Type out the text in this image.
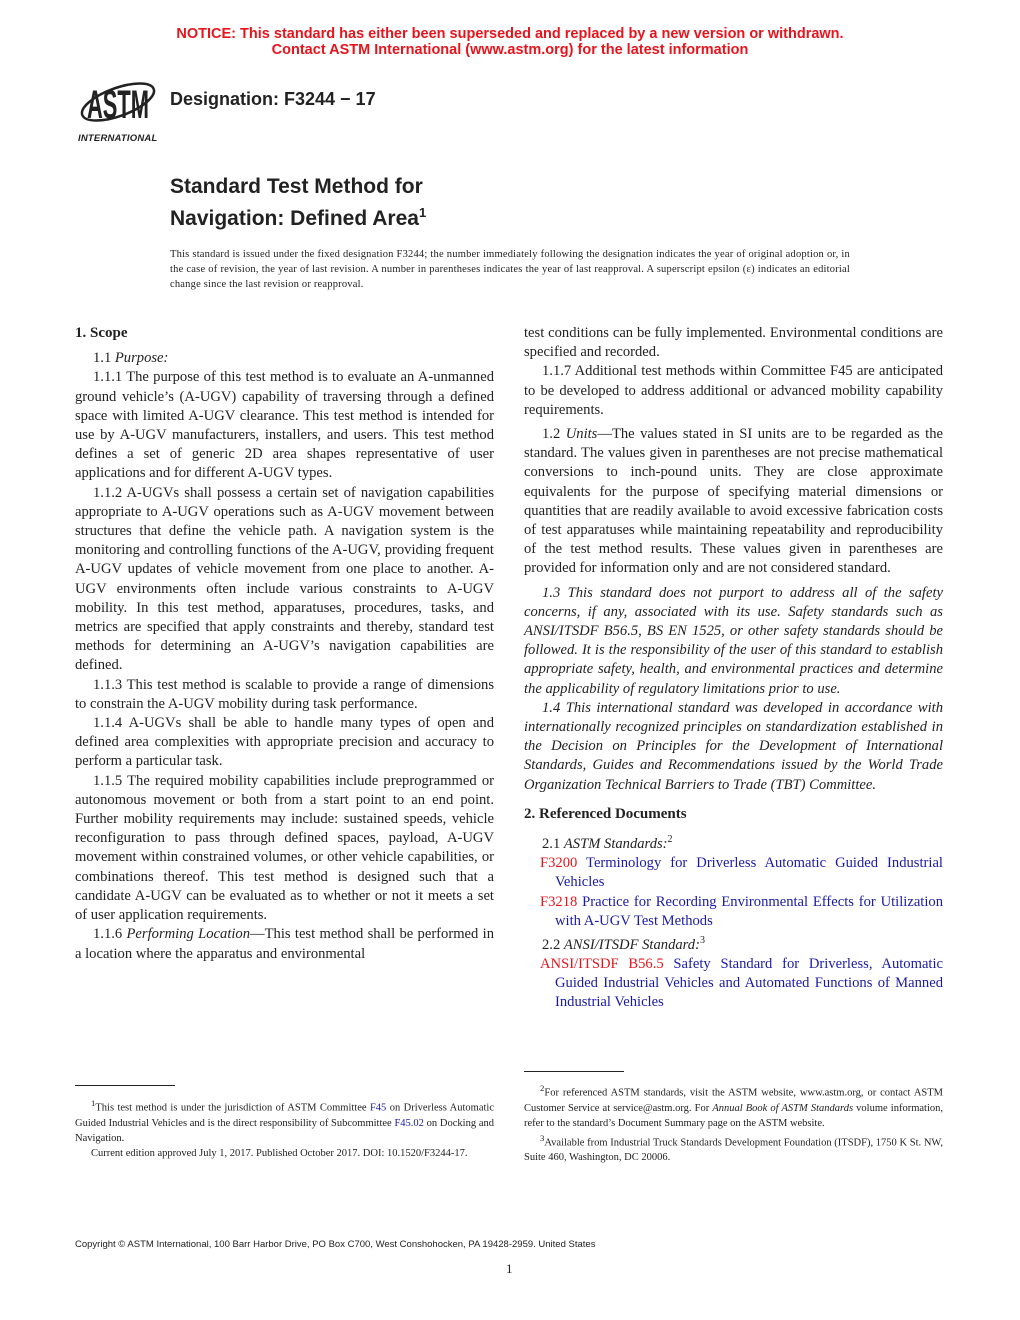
NOTICE: This standard has either been superseded and replaced by a new version or withdrawn.
Contact ASTM International (www.astm.org) for the latest information
ASTM
INTERNATIONAL
Designation: F3244 − 17
Standard Test Method for
Navigation: Defined Area$^1$
This standard is issued under the fixed designation F3244; the number immediately following the designation indicates the year of original adoption or, in the case of revision, the year of last revision. A number in parentheses indicates the year of last reapproval. A superscript epsilon (ε) indicates an editorial change since the last revision or reapproval.
1. Scope

1.1 Purpose:

1.1.1 The purpose of this test method is to evaluate an A-unmanned ground vehicle’s (A-UGV) capability of traversing through a defined space with limited A-UGV clearance. This test method is intended for use by A-UGV manufacturers, installers, and users. This test method defines a set of generic 2D area shapes representative of user applications and for different A-UGV types.

1.1.2 A-UGVs shall possess a certain set of navigation capabilities appropriate to A-UGV operations such as A-UGV movement between structures that define the vehicle path. A navigation system is the monitoring and controlling functions of the A-UGV, providing frequent A-UGV updates of vehicle movement from one place to another. A-UGV environments often include various constraints to A-UGV mobility. In this test method, apparatuses, procedures, tasks, and metrics are specified that apply constraints and thereby, standard test methods for determining an A-UGV’s navigation capabilities are defined.

1.1.3 This test method is scalable to provide a range of dimensions to constrain the A-UGV mobility during task performance.

1.1.4 A-UGVs shall be able to handle many types of open and defined area complexities with appropriate precision and accuracy to perform a particular task.

1.1.5 The required mobility capabilities include preprogrammed or autonomous movement or both from a start point to an end point. Further mobility requirements may include: sustained speeds, vehicle reconfiguration to pass through defined spaces, payload, A-UGV movement within constrained volumes, or other vehicle capabilities, or combinations thereof. This test method is designed such that a candidate A-UGV can be evaluated as to whether or not it meets a set of user application requirements.

1.1.6 Performing Location—This test method shall be performed in a location where the apparatus and environmental

test conditions can be fully implemented. Environmental conditions are specified and recorded.

1.1.7 Additional test methods within Committee F45 are anticipated to be developed to address additional or advanced mobility capability requirements.

1.2 Units—The values stated in SI units are to be regarded as the standard. The values given in parentheses are not precise mathematical conversions to inch-pound units. They are close approximate equivalents for the purpose of specifying material dimensions or quantities that are readily available to avoid excessive fabrication costs of test apparatuses while maintaining repeatability and reproducibility of the test method results. These values given in parentheses are provided for information only and are not considered standard.

1.3 This standard does not purport to address all of the safety concerns, if any, associated with its use. Safety standards such as ANSI/ITSDF B56.5, BS EN 1525, or other safety standards should be followed. It is the responsibility of the user of this standard to establish appropriate safety, health, and environmental practices and determine the applicability of regulatory limitations prior to use.

1.4 This international standard was developed in accordance with internationally recognized principles on standardization established in the Decision on Principles for the Development of International Standards, Guides and Recommendations issued by the World Trade Organization Technical Barriers to Trade (TBT) Committee.

2. Referenced Documents

2.1 ASTM Standards:$^2$

F3200 Terminology for Driverless Automatic Guided Industrial Vehicles

F3218 Practice for Recording Environmental Effects for Utilization with A-UGV Test Methods

2.2 ANSI/ITSDF Standard:$^3$

ANSI/ITSDF B56.5 Safety Standard for Driverless, Automatic Guided Industrial Vehicles and Automated Functions of Manned Industrial Vehicles

$^1$This test method is under the jurisdiction of ASTM Committee F45 on Driverless Automatic Guided Industrial Vehicles and is the direct responsibility of Subcommittee F45.02 on Docking and Navigation.

Current edition approved July 1, 2017. Published October 2017. DOI: 10.1520/F3244-17.

$^2$For referenced ASTM standards, visit the ASTM website, www.astm.org, or contact ASTM Customer Service at service@astm.org. For Annual Book of ASTM Standards volume information, refer to the standard’s Document Summary page on the ASTM website.

$^3$Available from Industrial Truck Standards Development Foundation (ITSDF), 1750 K St. NW, Suite 460, Washington, DC 20006.

Copyright © ASTM International, 100 Barr Harbor Drive, PO Box C700, West Conshohocken, PA 19428-2959. United States
1
